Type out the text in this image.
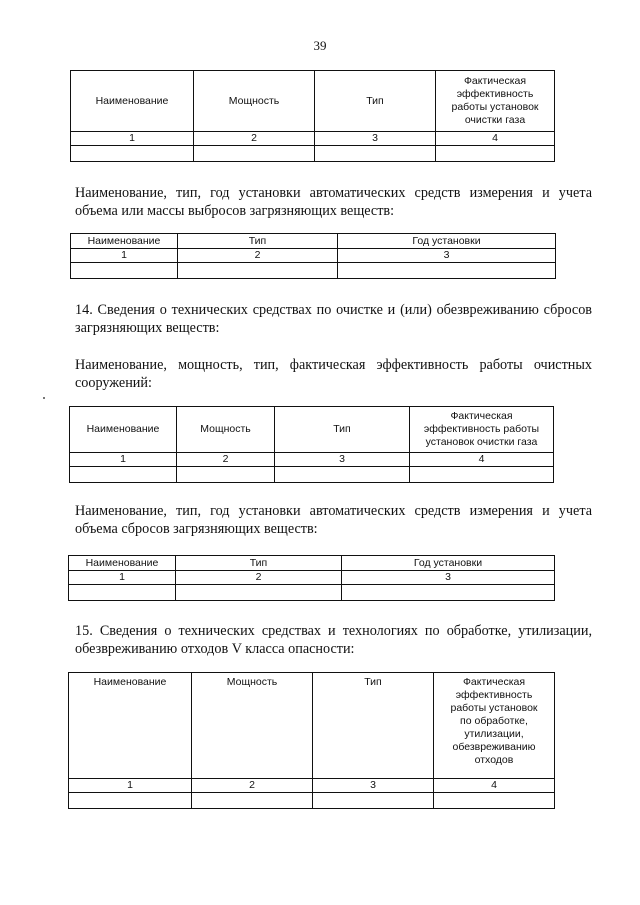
39
Наименование	Мощность	Тип	Фактическая эффективность работы установок очистки газа
1	2	3	4

Наименование, тип, год установки автоматических средств измерения и учета объема или массы выбросов загрязняющих веществ:

Наименование	Тип	Год установки
1	2	3

14. Сведения о технических средствах по очистке и (или) обезвреживанию сбросов загрязняющих веществ:

Наименование, мощность, тип, фактическая эффективность работы очистных сооружений:

Наименование	Мощность	Тип	Фактическая эффективность работы установок очистки газа
1	2	3	4

Наименование, тип, год установки автоматических средств измерения и учета объема сбросов загрязняющих веществ:

Наименование	Тип	Год установки
1	2	3

15. Сведения о технических средствах и технологиях по обработке, утилизации, обезвреживанию отходов V класса опасности:

Наименование	Мощность	Тип	Фактическая эффективность работы установок по обработке, утилизации, обезвреживанию отходов
1	2	3	4
